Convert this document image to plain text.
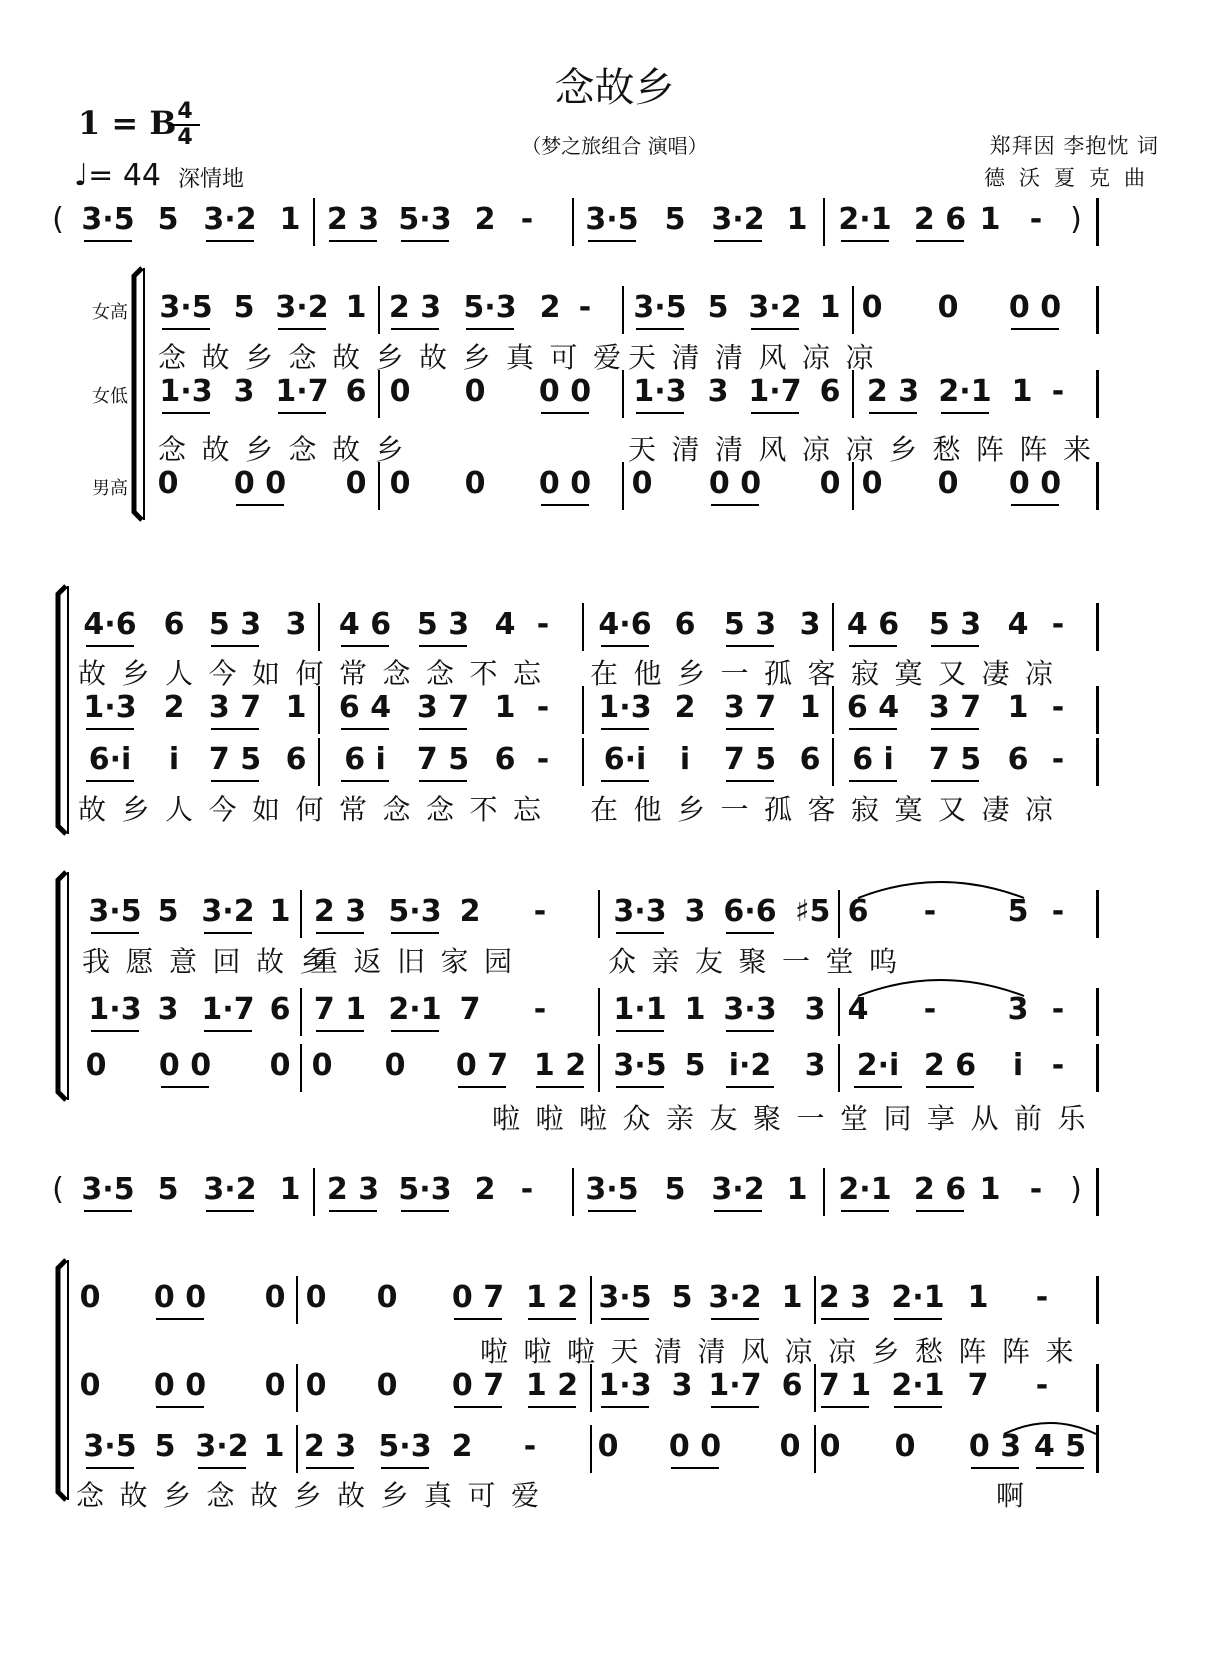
念故乡
1 = B 4
4
♩= 44 深情地
（梦之旅组合 演唱）	郑拜因 李抱忱 词
德沃夏克曲
女高
女低
男高
( 3·5 5 3·2 1 2 3 5·3 2 - 3·5 5 3·2 1 2·1 2 6 1 - )
3·5 5 3·2 1 2 3 5·3 2 - 3·5 5 3·2 1 0 0 0 0
1·3 3 1·7 6 0 0 0 0 1·3 3 1·7 6 2 3 2·1 1 -
0 0 0 0 0 0 0 0 0 0 0 0 0 0 0 0
4·6 6 5 3 3 4 6 5 3 4 - 4·6 6 5 3 3 4 6 5 3 4 -
1·3 2 3 7 1 6 4 3 7 1 - 1·3 2 3 7 1 6 4 3 7 1 -
6·i	i 7 5 6 6 i 7 5 6 - 6·i	i	7 5 6 6 i 7 5 6 -
3·5 5 3·2 1 2 3 5·3 2 - 3·3 3 6·6 ♯5 6 - 5 -
1·3 3 1·7 6 7 1 2·1 7 - 1·1 1 3·3 3 4 - 3 -
0 0 0 0 0 0 0 7 1 2 3·5 5 i·2 3 2·i 2 6	i -
( 3·5 5 3·2 1 2 3 5·3 2 - 3·5 5 3·2 1 2·1 2 6 1 - )
0 0 0 0 0 0 0 7 1 2 3·5 5 3·2 1 2 3 2·1 1 -
0 0 0 0 0 0 0 7 1 2 1·3 3 1·7 6 7 1 2·1 7 -
3·5 5 3·2 1 2 3 5·3 2 - 0 0 0 0 0 0 0 3 4 5
念故乡念故乡故乡真可爱
天清清风凉凉
念故乡念故乡	天清清风凉凉乡愁阵阵来
故乡人今如何常念念不忘 在他乡一孤客寂寞又凄凉
故乡人今如何常念念不忘 在他乡一孤客寂寞又凄凉
我愿意回故乡
重返旧家园	众亲友聚一堂呜
啦啦啦众亲友聚一堂同享从前乐
啦啦啦天清清风凉凉乡愁阵阵来
念故乡念故乡故乡真可爱	啊
